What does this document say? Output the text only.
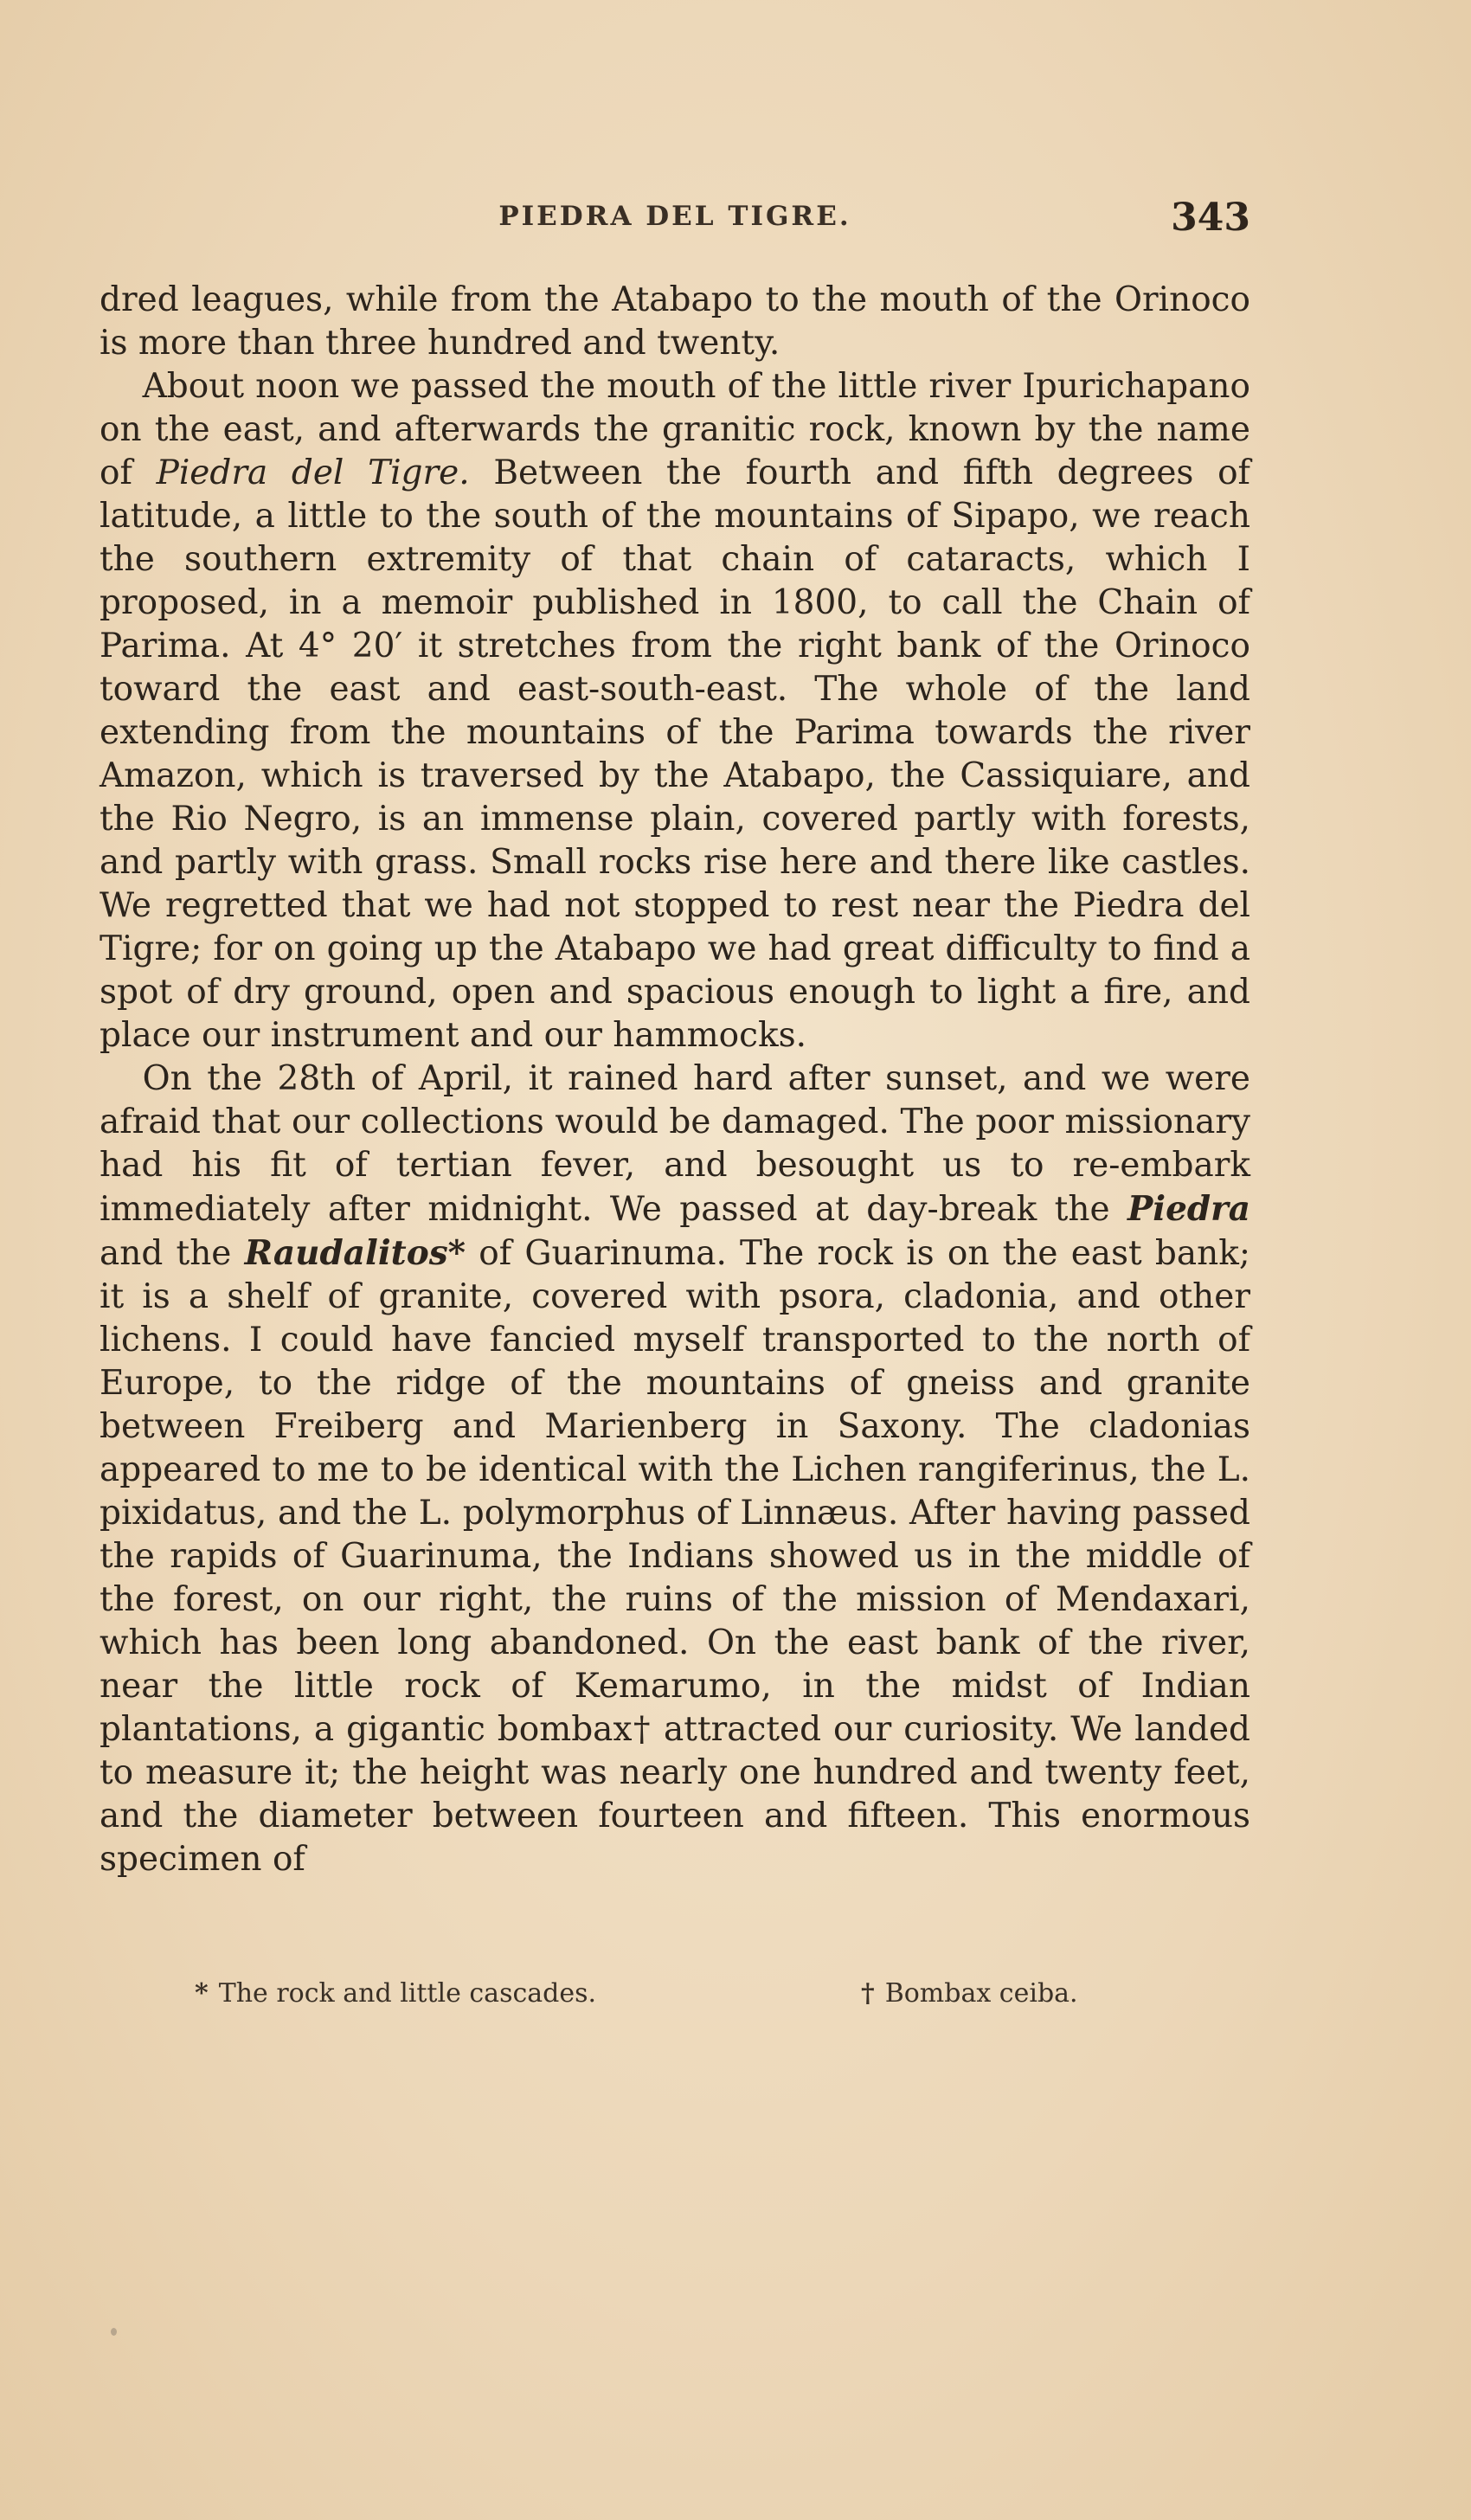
PIEDRA DEL TIGRE.	343

dred leagues, while from the Atabapo to the mouth of the Orinoco is more than three hundred and twenty.

About noon we passed the mouth of the little river Ipurichapano on the east, and afterwards the granitic rock, known by the name of Piedra del Tigre. Between the fourth and fifth degrees of latitude, a little to the south of the mountains of Sipapo, we reach the southern extremity of that chain of cataracts, which I proposed, in a memoir published in 1800, to call the Chain of Parima. At 4° 20′ it stretches from the right bank of the Orinoco toward the east and east-south-east. The whole of the land extending from the mountains of the Parima towards the river Amazon, which is traversed by the Atabapo, the Cassiquiare, and the Rio Negro, is an immense plain, covered partly with forests, and partly with grass. Small rocks rise here and there like castles. We regretted that we had not stopped to rest near the Piedra del Tigre; for on going up the Atabapo we had great difficulty to find a spot of dry ground, open and spacious enough to light a fire, and place our instrument and our hammocks.

On the 28th of April, it rained hard after sunset, and we were afraid that our collections would be damaged. The poor missionary had his fit of tertian fever, and besought us to re-embark immediately after midnight. We passed at day-break the Piedra and the Raudalitos* of Guarinuma. The rock is on the east bank; it is a shelf of granite, covered with psora, cladonia, and other lichens. I could have fancied myself transported to the north of Europe, to the ridge of the mountains of gneiss and granite between Freiberg and Marienberg in Saxony. The cladonias appeared to me to be identical with the Lichen rangiferinus, the L. pixidatus, and the L. polymorphus of Linnæus. After having passed the rapids of Guarinuma, the Indians showed us in the middle of the forest, on our right, the ruins of the mission of Mendaxari, which has been long abandoned. On the east bank of the river, near the little rock of Kemarumo, in the midst of Indian plantations, a gigantic bombax† attracted our curiosity. We landed to measure it; the height was nearly one hundred and twenty feet, and the diameter between fourteen and fifteen. This enormous specimen of

* The rock and little cascades.	† Bombax ceiba.
